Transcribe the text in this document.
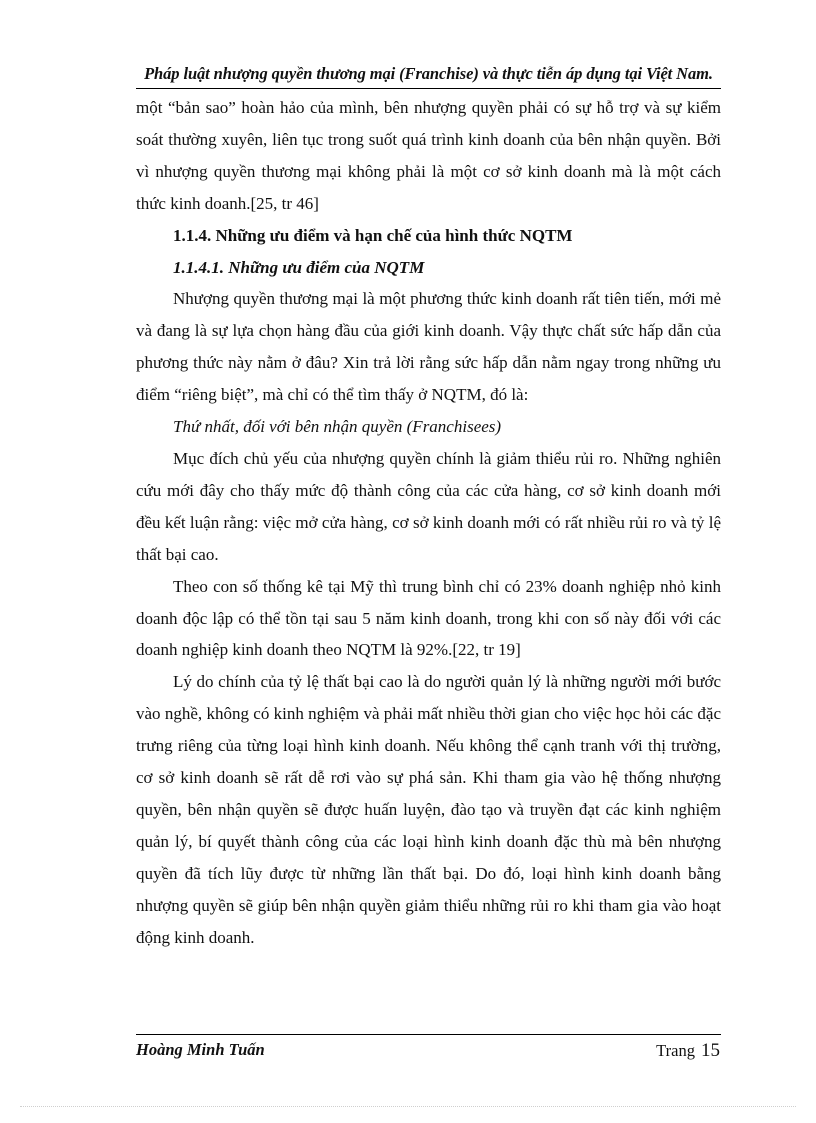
Pháp luật nhượng quyền thương mại (Franchise) và thực tiễn áp dụng tại Việt Nam.

một “bản sao” hoàn hảo của mình, bên nhượng quyền phải có sự hỗ trợ và sự kiểm soát thường xuyên, liên tục trong suốt quá trình kinh doanh của bên nhận quyền. Bởi vì nhượng quyền thương mại không phải là một cơ sở kinh doanh mà là một cách thức kinh doanh.[25, tr 46]

1.1.4. Những ưu điểm và hạn chế của hình thức NQTM

1.1.4.1. Những ưu điểm của NQTM

Nhượng quyền thương mại là một phương thức kinh doanh rất tiên tiến, mới mẻ và đang là sự lựa chọn hàng đầu của giới kinh doanh. Vậy thực chất sức hấp dẫn của phương thức này nằm ở đâu? Xin trả lời rằng sức hấp dẫn nằm ngay trong những ưu điểm “riêng biệt”, mà chỉ có thể tìm thấy ở NQTM, đó là:

Thứ nhất, đối với bên nhận quyền (Franchisees)

Mục đích chủ yếu của nhượng quyền chính là giảm thiểu rủi ro. Những nghiên cứu mới đây cho thấy mức độ thành công của các cửa hàng, cơ sở kinh doanh mới đều kết luận rằng: việc mở cửa hàng, cơ sở kinh doanh mới có rất nhiều rủi ro và tỷ lệ thất bại cao.

Theo con số thống kê tại Mỹ thì trung bình chỉ có 23% doanh nghiệp nhỏ kinh doanh độc lập có thể tồn tại sau 5 năm kinh doanh, trong khi con số này đối với các doanh nghiệp kinh doanh theo NQTM là 92%.[22, tr 19]

Lý do chính của tỷ lệ thất bại cao là do người quản lý là những người mới bước vào nghề, không có kinh nghiệm và phải mất nhiều thời gian cho việc học hỏi các đặc trưng riêng của từng loại hình kinh doanh. Nếu không thể cạnh tranh với thị trường, cơ sở kinh doanh sẽ rất dễ rơi vào sự phá sản. Khi tham gia vào hệ thống nhượng quyền, bên nhận quyền sẽ được huấn luyện, đào tạo và truyền đạt các kinh nghiệm quản lý, bí quyết thành công của các loại hình kinh doanh đặc thù mà bên nhượng quyền đã tích lũy được từ những lần thất bại. Do đó, loại hình kinh doanh bằng nhượng quyền sẽ giúp bên nhận quyền giảm thiểu những rủi ro khi tham gia vào hoạt động kinh doanh.

Hoàng Minh Tuấn	Trang 15
